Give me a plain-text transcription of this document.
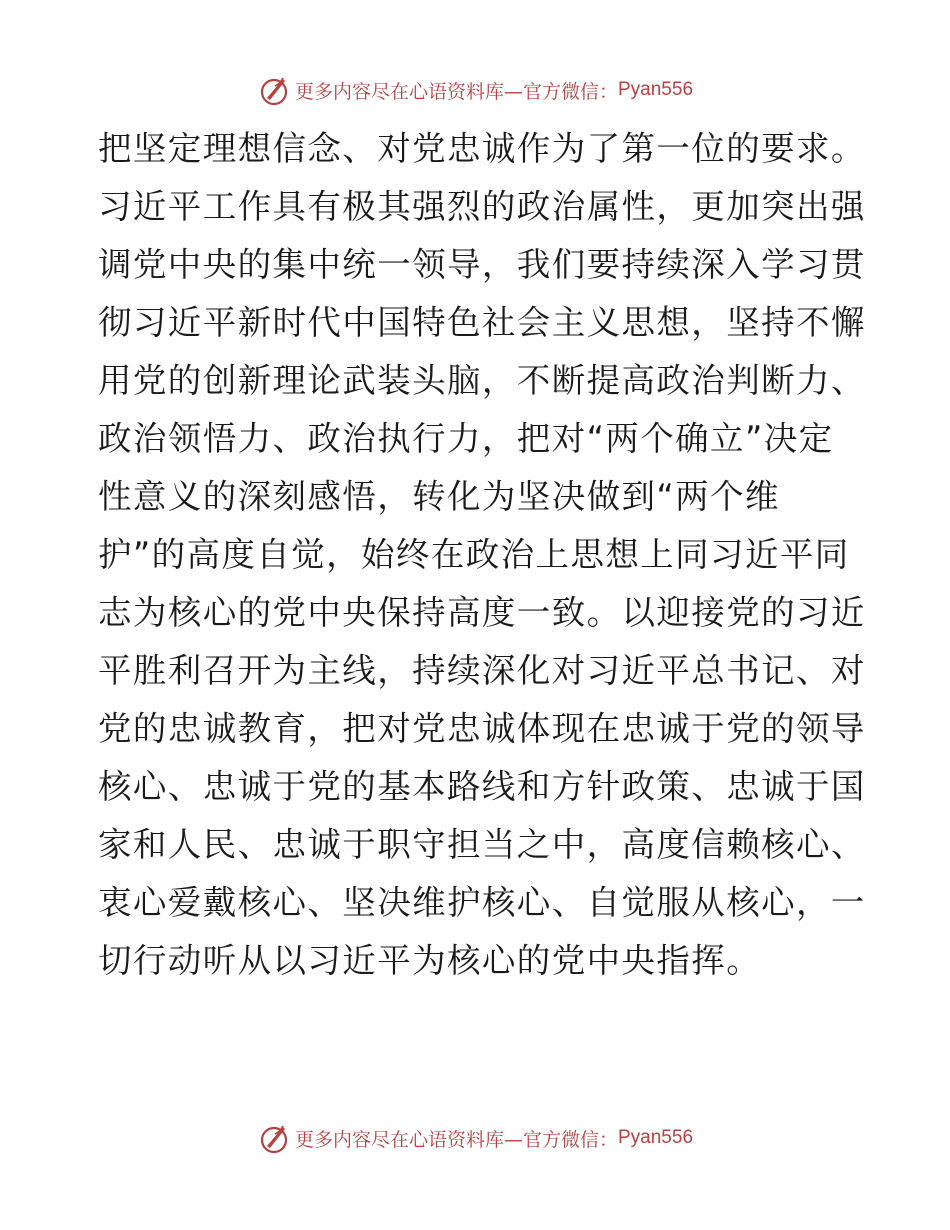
更多内容尽在心语资料库—官方微信： Pyan556
把坚定理想信念、对党忠诚作为了第一位的要求。
习近平工作具有极其强烈的政治属性，更加突出强
调党中央的集中统一领导，我们要持续深入学习贯
彻习近平新时代中国特色社会主义思想，坚持不懈
用党的创新理论武装头脑，不断提高政治判断力、
政治领悟力、政治执行力，把对“两个确立”决定
性意义的深刻感悟，转化为坚决做到“两个维
护”的高度自觉，始终在政治上思想上同习近平同
志为核心的党中央保持高度一致。以迎接党的习近
平胜利召开为主线，持续深化对习近平总书记、对
党的忠诚教育，把对党忠诚体现在忠诚于党的领导
核心、忠诚于党的基本路线和方针政策、忠诚于国
家和人民、忠诚于职守担当之中，高度信赖核心、
衷心爱戴核心、坚决维护核心、自觉服从核心，一
切行动听从以习近平为核心的党中央指挥。
更多内容尽在心语资料库—官方微信： Pyan556
